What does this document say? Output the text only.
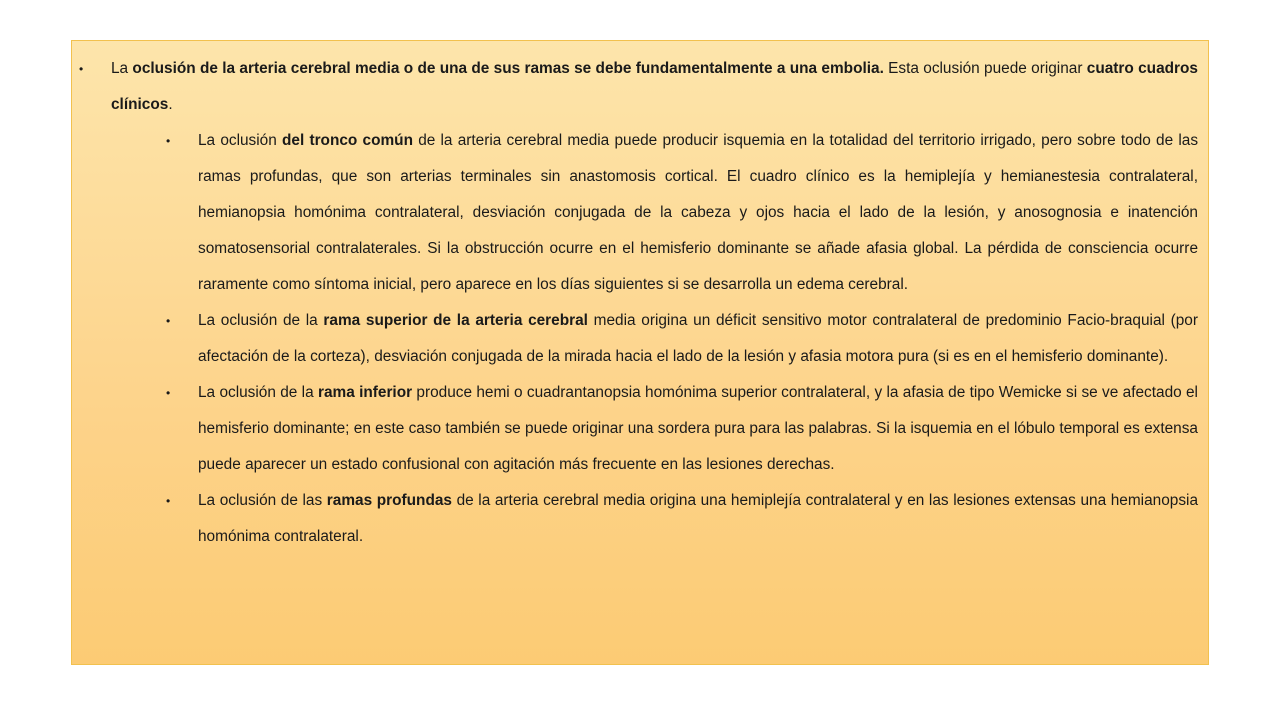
• La oclusión de la arteria cerebral media o de una de sus ramas se debe fundamentalmente a una embolia. Esta oclusión puede originar cuatro cuadros clínicos.
• La oclusión del tronco común de la arteria cerebral media puede producir isquemia en la totalidad del territorio irrigado, pero sobre todo de las ramas profundas, que son arterias terminales sin anastomosis cortical. El cuadro clínico es la hemiplejía y hemianestesia contralateral, hemianopsia homónima contralateral, desviación conjugada de la cabeza y ojos hacia el lado de la lesión, y anosognosia e inatención somatosensorial contralaterales. Si la obstrucción ocurre en el hemisferio dominante se añade afasia global. La pérdida de consciencia ocurre raramente como síntoma inicial, pero aparece en los días siguientes si se desarrolla un edema cerebral.
• La oclusión de la rama superior de la arteria cerebral media origina un déficit sensitivo motor contralateral de predominio Facio-braquial (por afectación de la corteza), desviación conjugada de la mirada hacia el lado de la lesión y afasia motora pura (si es en el hemisferio dominante).
• La oclusión de la rama inferior produce hemi o cuadrantanopsia homónima superior contralateral, y la afasia de tipo Wemicke si se ve afectado el hemisferio dominante; en este caso también se puede originar una sordera pura para las palabras. Si la isquemia en el lóbulo temporal es extensa puede aparecer un estado confusional con agitación más frecuente en las lesiones derechas.
• La oclusión de las ramas profundas de la arteria cerebral media origina una hemiplejía contralateral y en las lesiones extensas una hemianopsia homónima contralateral.
